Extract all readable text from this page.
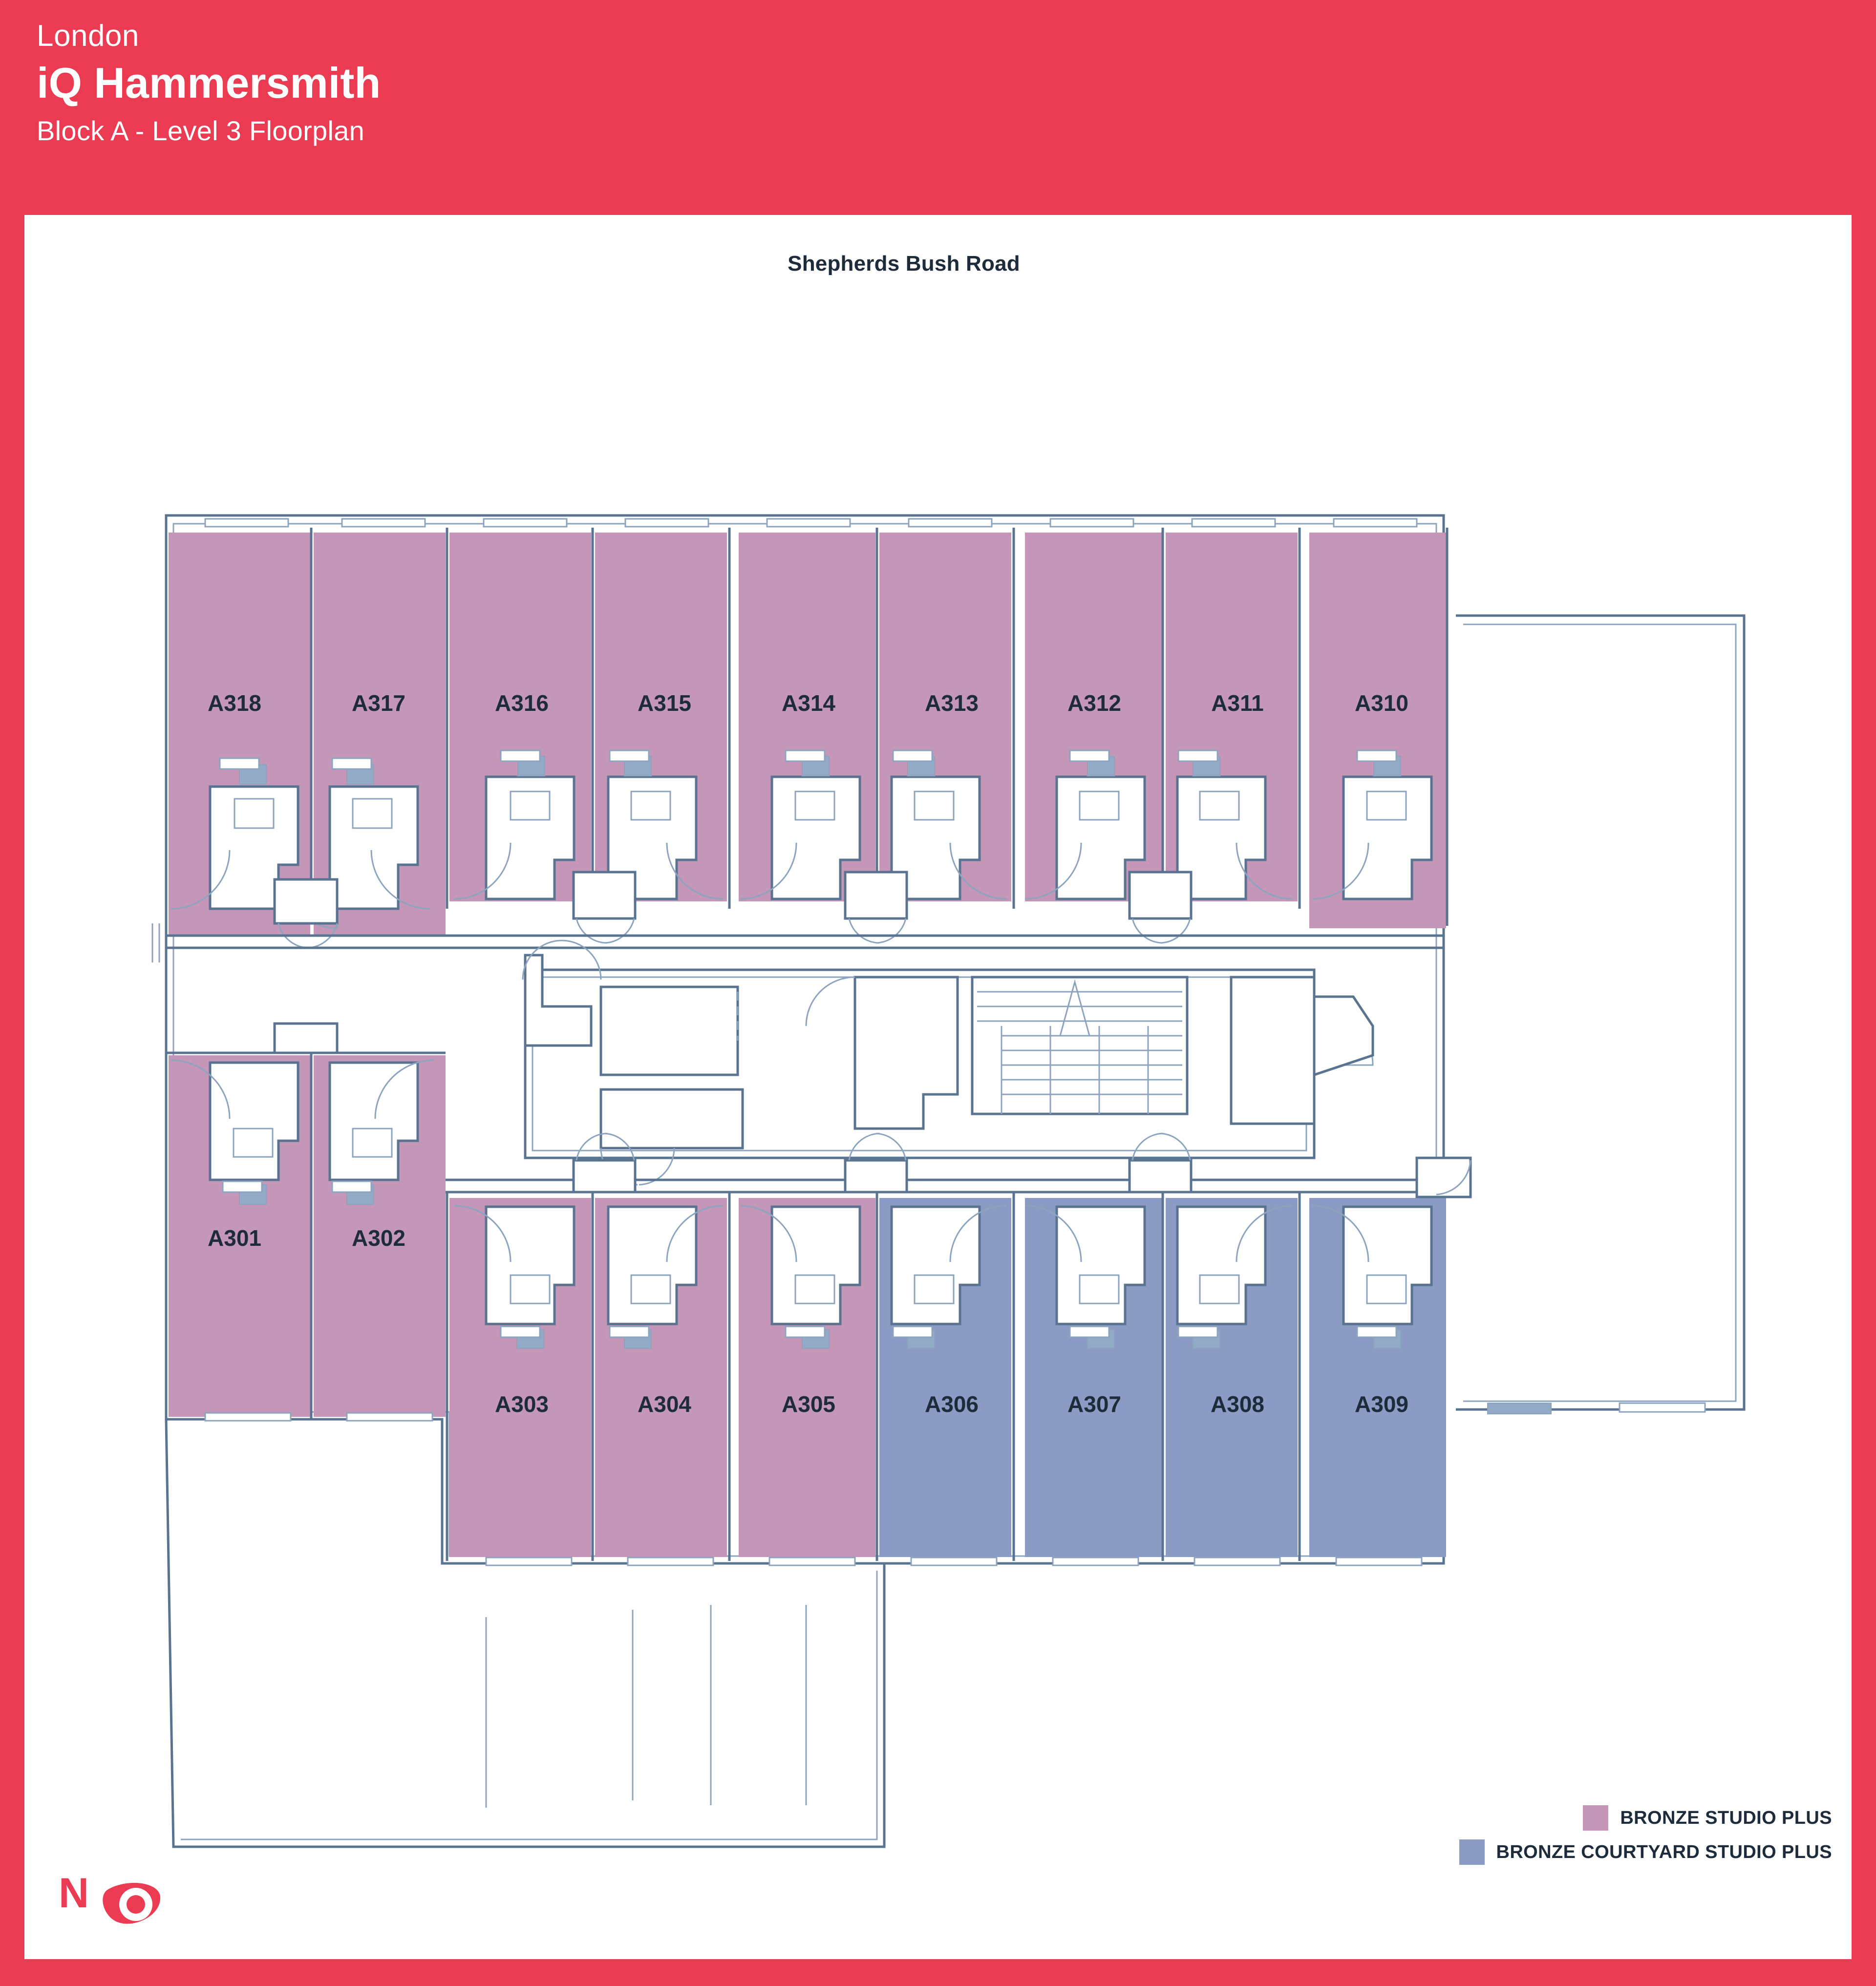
London
iQ Hammersmith
Block A - Level 3 Floorplan
Shepherds Bush Road
A318	A317	A316	A315	A314	A313	A312	A311	A310
A301	A302
A303	A304	A305	A306	A307	A308	A309
BRONZE STUDIO PLUS
BRONZE COURTYARD STUDIO PLUS
N
